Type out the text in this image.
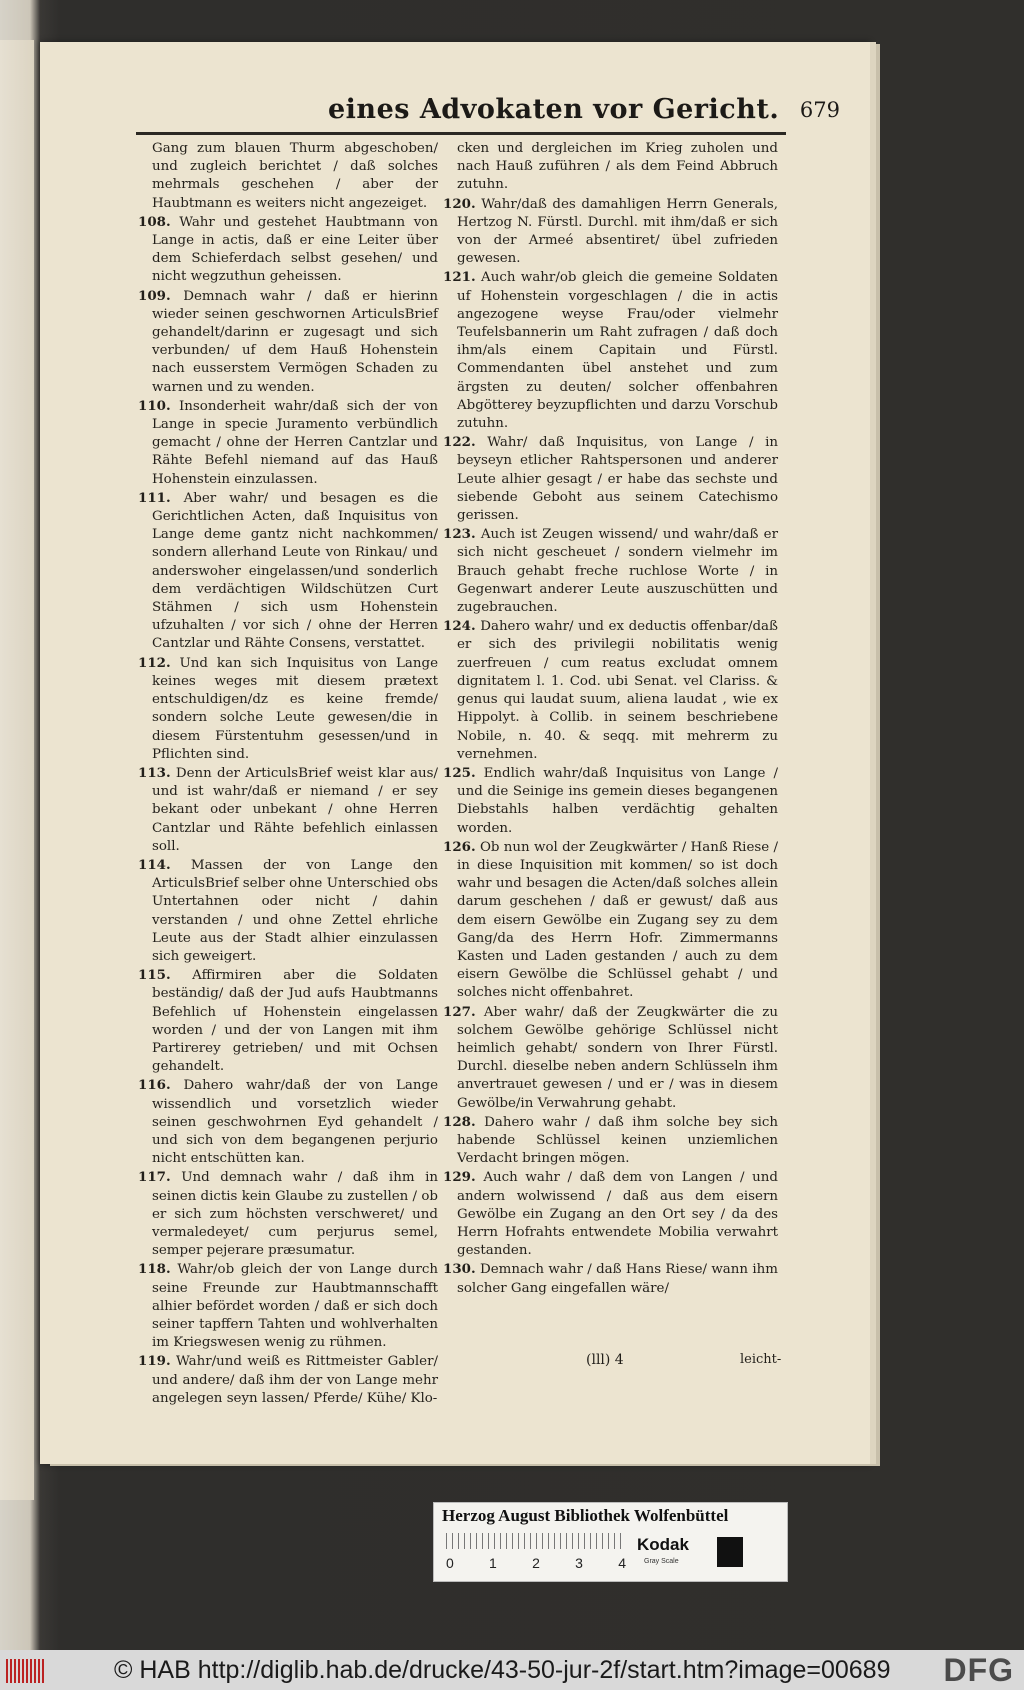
eines Advokaten vor Gericht. 679

Gang zum blauen Thurm abgeschoben/ und zugleich berichtet / daß solches mehrmals geschehen / aber der Haubtmann es weiters nicht angezeiget.

108. Wahr und gestehet Haubtmann von Lange in actis, daß er eine Leiter über dem Schieferdach selbst gesehen/ und nicht wegzuthun geheissen.

109. Demnach wahr / daß er hierinn wieder seinen geschwornen ArticulsBrief gehandelt/darinn er zugesagt und sich verbunden/ uf dem Hauß Hohenstein nach eusserstem Vermögen Schaden zu warnen und zu wenden.

110. Insonderheit wahr/daß sich der von Lange in specie Juramento verbündlich gemacht / ohne der Herren Cantzlar und Rähte Befehl niemand auf das Hauß Hohenstein einzulassen.

111. Aber wahr/ und besagen es die Gerichtlichen Acten, daß Inquisitus von Lange deme gantz nicht nachkommen/ sondern allerhand Leute von Rinkau/ und anderswoher eingelassen/und sonderlich dem verdächtigen Wildschützen Curt Stähmen / sich usm Hohenstein ufzuhalten / vor sich / ohne der Herren Cantzlar und Rähte Consens, verstattet.

112. Und kan sich Inquisitus von Lange keines weges mit diesem prætext entschuldigen/dz es keine fremde/ sondern solche Leute gewesen/die in diesem Fürstentuhm gesessen/und in Pflichten sind.

113. Denn der ArticulsBrief weist klar aus/ und ist wahr/daß er niemand / er sey bekant oder unbekant / ohne Herren Cantzlar und Rähte befehlich einlassen soll.

114. Massen der von Lange den ArticulsBrief selber ohne Unterschied obs Untertahnen oder nicht / dahin verstanden / und ohne Zettel ehrliche Leute aus der Stadt alhier einzulassen sich geweigert.

115. Affirmiren aber die Soldaten beständig/ daß der Jud aufs Haubtmanns Befehlich uf Hohenstein eingelassen worden / und der von Langen mit ihm Partirerey getrieben/ und mit Ochsen gehandelt.

116. Dahero wahr/daß der von Lange wissendlich und vorsetzlich wieder seinen geschwohrnen Eyd gehandelt / und sich von dem begangenen perjurio nicht entschütten kan.

117. Und demnach wahr / daß ihm in seinen dictis kein Glaube zu zustellen / ob er sich zum höchsten verschweret/ und vermaledeyet/ cum perjurus semel, semper pejerare præsumatur.

118. Wahr/ob gleich der von Lange durch seine Freunde zur Haubtmannschafft alhier befördet worden / daß er sich doch seiner tapffern Tahten und wohlverhalten im Kriegswesen wenig zu rühmen.

119. Wahr/und weiß es Rittmeister Gabler/ und andere/ daß ihm der von Lange mehr angelegen seyn lassen/ Pferde/ Kühe/ Klo-

cken und dergleichen im Krieg zuholen und nach Hauß zuführen / als dem Feind Abbruch zutuhn.

120. Wahr/daß des damahligen Herrn Generals, Hertzog N. Fürstl. Durchl. mit ihm/daß er sich von der Armeé absentiret/ übel zufrieden gewesen.

121. Auch wahr/ob gleich die gemeine Soldaten uf Hohenstein vorgeschlagen / die in actis angezogene weyse Frau/oder vielmehr Teufelsbannerin um Raht zufragen / daß doch ihm/als einem Capitain und Fürstl. Commendanten übel anstehet und zum ärgsten zu deuten/ solcher offenbahren Abgötterey beyzupflichten und darzu Vorschub zutuhn.

122. Wahr/ daß Inquisitus, von Lange / in beyseyn etlicher Rahtspersonen und anderer Leute alhier gesagt / er habe das sechste und siebende Geboht aus seinem Catechismo gerissen.

123. Auch ist Zeugen wissend/ und wahr/daß er sich nicht gescheuet / sondern vielmehr im Brauch gehabt freche ruchlose Worte / in Gegenwart anderer Leute auszuschütten und zugebrauchen.

124. Dahero wahr/ und ex deductis offenbar/daß er sich des privilegii nobilitatis wenig zuerfreuen / cum reatus excludat omnem dignitatem l. 1. Cod. ubi Senat. vel Clariss. & genus qui laudat suum, aliena laudat , wie ex Hippolyt. à Collib. in seinem beschriebene Nobile, n. 40. & seqq. mit mehrerm zu vernehmen.

125. Endlich wahr/daß Inquisitus von Lange / und die Seinige ins gemein dieses begangenen Diebstahls halben verdächtig gehalten worden.

126. Ob nun wol der Zeugkwärter / Hanß Riese / in diese Inquisition mit kommen/ so ist doch wahr und besagen die Acten/daß solches allein darum geschehen / daß er gewust/ daß aus dem eisern Gewölbe ein Zugang sey zu dem Gang/da des Herrn Hofr. Zimmermanns Kasten und Laden gestanden / auch zu dem eisern Gewölbe die Schlüssel gehabt / und solches nicht offenbahret.

127. Aber wahr/ daß der Zeugkwärter die zu solchem Gewölbe gehörige Schlüssel nicht heimlich gehabt/ sondern von Ihrer Fürstl. Durchl. dieselbe neben andern Schlüsseln ihm anvertrauet gewesen / und er / was in diesem Gewölbe/in Verwahrung gehabt.

128. Dahero wahr / daß ihm solche bey sich habende Schlüssel keinen unziemlichen Verdacht bringen mögen.

129. Auch wahr / daß dem von Langen / und andern wolwissend / daß aus dem eisern Gewölbe ein Zugang an den Ort sey / da des Herrn Hofrahts entwendete Mobilia verwahrt gestanden.

130. Demnach wahr / daß Hans Riese/ wann ihm solcher Gang eingefallen wäre/

(lll) 4	leicht-
Herzog August Bibliothek Wolfenbüttel
0	1	2	3	4
Kodak
Gray Scale
© HAB http://diglib.hab.de/drucke/43-50-jur-2f/start.htm?image=00689 DFG
